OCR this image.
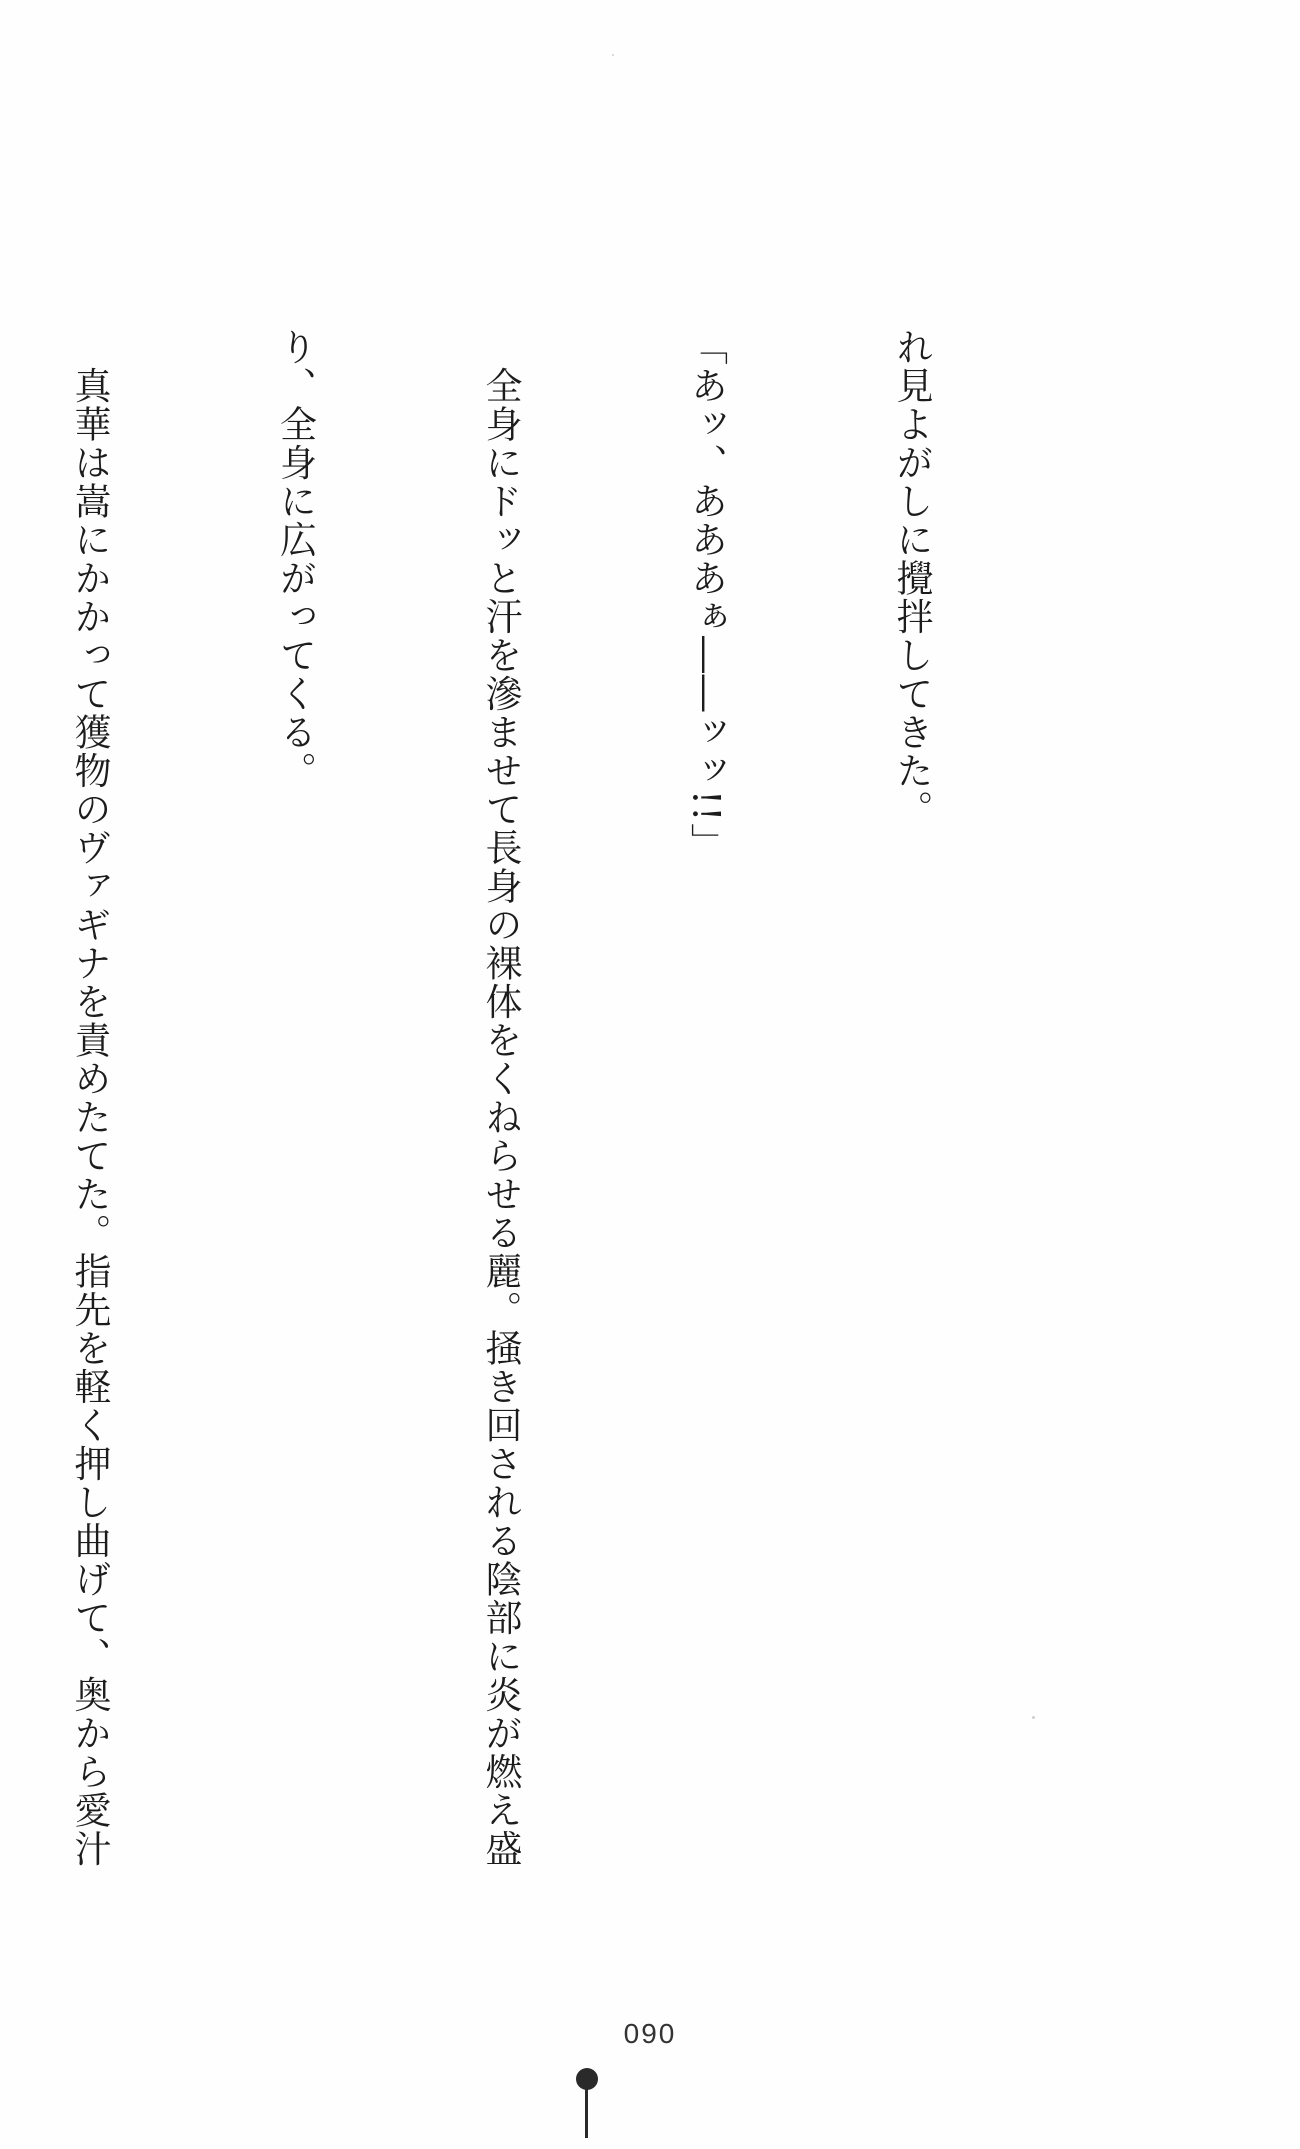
れ見よがしに攪拌してきた。

「あッ、あああぁ――ッッ!!」

　全身にドッと汗を滲ませて長身の裸体をくねらせる麗。掻き回される陰部に炎が燃え盛

り、全身に広がってくる。

　真華は嵩にかかって獲物のヴァギナを責めたてた。指先を軽く押し曲げて、奥から愛汁

090
